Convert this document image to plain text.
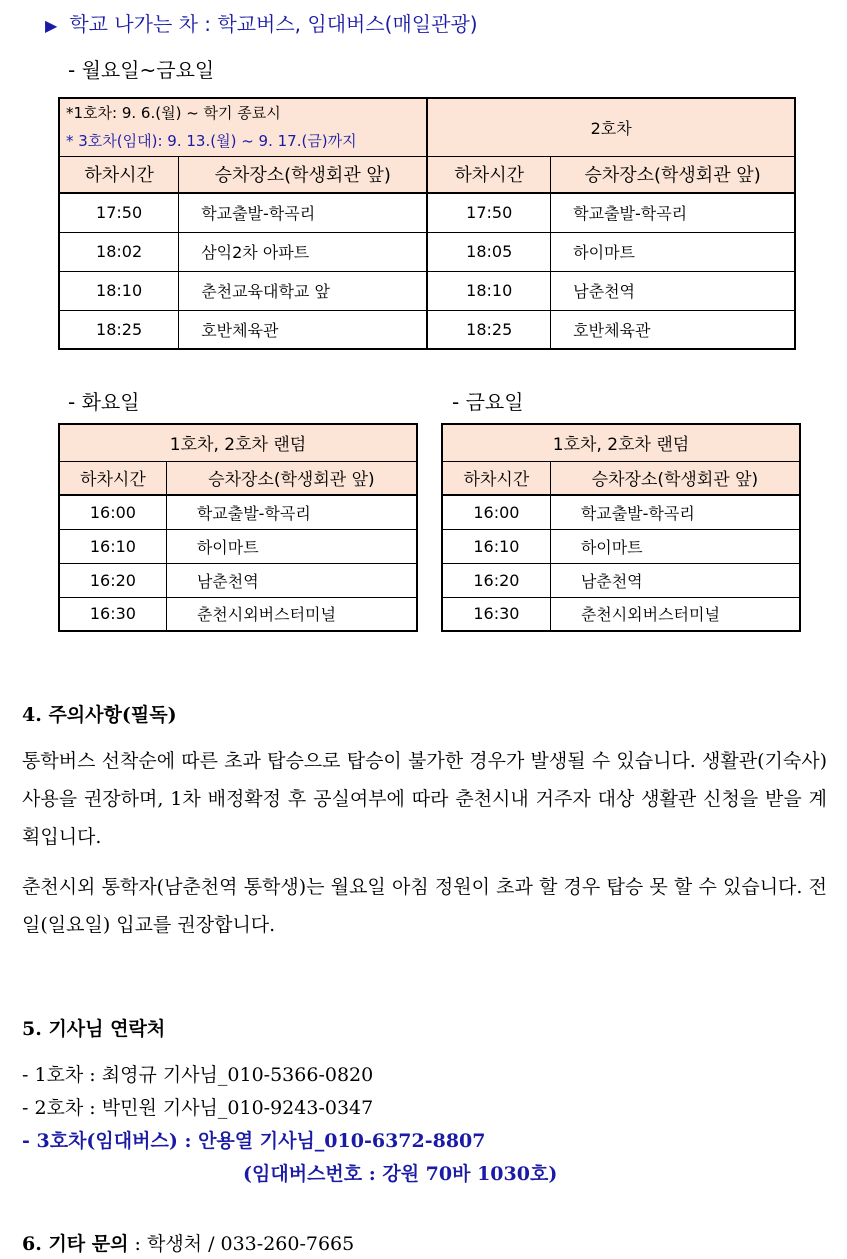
▶ 학교 나가는 차 : 학교버스, 임대버스(매일관광)
- 월요일~금요일
*1호차: 9. 6.(월) ~ 학기 종료시
* 3호차(임대): 9. 13.(월) ~ 9. 17.(금)까지		2호차	
하차시간	승차장소(학생회관 앞)	하차시간	승차장소(학생회관 앞)
17:50	학교출발-학곡리	17:50	학교출발-학곡리
18:02	삼익2차 아파트	18:05	하이마트
18:10	춘천교육대학교 앞	18:10	남춘천역
18:25	호반체육관	18:25	호반체육관
- 화요일	- 금요일
1호차, 2호차 랜덤	
하차시간	승차장소(학생회관 앞)
16:00	학교출발-학곡리
16:10	하이마트
16:20	남춘천역
16:30	춘천시외버스터미널
1호차, 2호차 랜덤	
하차시간	승차장소(학생회관 앞)
16:00	학교출발-학곡리
16:10	하이마트
16:20	남춘천역
16:30	춘천시외버스터미널
4. 주의사항(필독)
통학버스 선착순에 따른 초과 탑승으로 탑승이 불가한 경우가 발생될 수 있습니다. 생활관(기숙사) 사용을 권장하며, 1차 배정확정 후 공실여부에 따라 춘천시내 거주자 대상 생활관 신청을 받을 계획입니다.
춘천시외 통학자(남춘천역 통학생)는 월요일 아침 정원이 초과 할 경우 탑승 못 할 수 있습니다. 전일(일요일) 입교를 권장합니다.
5. 기사님 연락처
- 1호차 : 최영규 기사님_010-5366-0820
- 2호차 : 박민원 기사님_010-9243-0347
- 3호차(임대버스) : 안용열 기사님_010-6372-8807
(임대버스번호 : 강원 70바 1030호)
6. 기타 문의 : 학생처 / 033-260-7665
